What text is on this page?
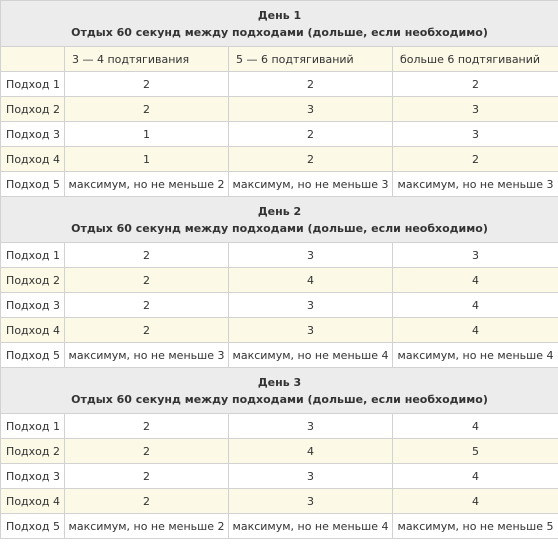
День 1
Отдых 60 секунд между подходами (дольше, если необходимо)			

	3 — 4 подтягивания	5 — 6 подтягиваний	больше 6 подтягиваний
Подход 1	2	2	2
Подход 2	2	3	3
Подход 3	1	2	3
Подход 4	1	2	2
Подход 5	максимум, но не меньше 2	максимум, но не меньше 3	максимум, но не меньше 3

День 2
Отдых 60 секунд между подходами (дольше, если необходимо)			

Подход 1	2	3	3
Подход 2	2	4	4
Подход 3	2	3	4
Подход 4	2	3	4
Подход 5	максимум, но не меньше 3	максимум, но не меньше 4	максимум, но не меньше 4

День 3
Отдых 60 секунд между подходами (дольше, если необходимо)			

Подход 1	2	3	4
Подход 2	2	4	5
Подход 3	2	3	4
Подход 4	2	3	4
Подход 5	максимум, но не меньше 2	максимум, но не меньше 4	максимум, но не меньше 5
